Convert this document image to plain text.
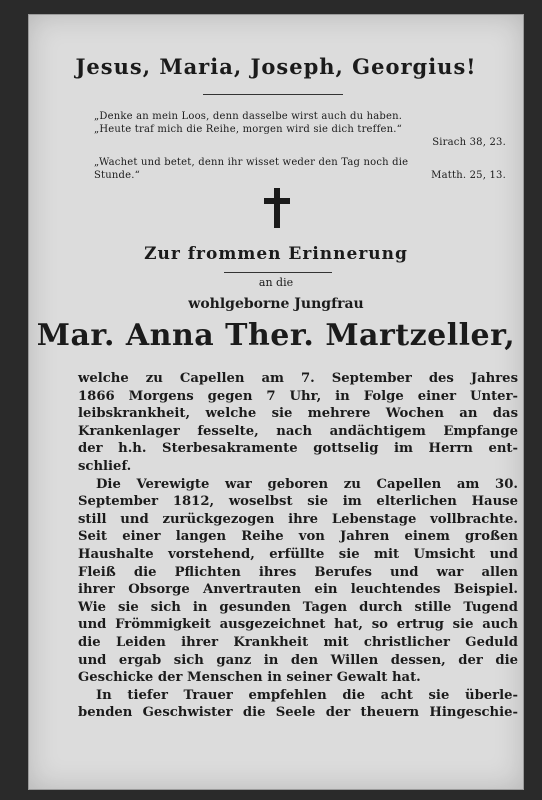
Jesus, Maria, Joseph, Georgius!
„Denke an mein Loos, denn dasselbe wirst auch du haben.
„Heute traf mich die Reihe, morgen wird sie dich treffen.“
Sirach 38, 23.
„Wachet und betet, denn ihr wisset weder den Tag noch die
Stunde.“	Matth. 25, 13.
Zur frommen Erinnerung
an die
wohlgeborne Jungfrau
Mar. Anna Ther. Martzeller,
welche zu Capellen am 7. September des Jahres
1866 Morgens gegen 7 Uhr, in Folge einer Unter-
leibskrankheit, welche sie mehrere Wochen an das
Krankenlager fesselte, nach andächtigem Empfange
der h.h. Sterbesakramente gottselig im Herrn ent-
schlief.
Die Verewigte war geboren zu Capellen am 30.
September 1812, woselbst sie im elterlichen Hause
still und zurückgezogen ihre Lebenstage vollbrachte.
Seit einer langen Reihe von Jahren einem großen
Haushalte vorstehend, erfüllte sie mit Umsicht und
Fleiß die Pflichten ihres Berufes und war allen
ihrer Obsorge Anvertrauten ein leuchtendes Beispiel.
Wie sie sich in gesunden Tagen durch stille Tugend
und Frömmigkeit ausgezeichnet hat, so ertrug sie auch
die Leiden ihrer Krankheit mit christlicher Geduld
und ergab sich ganz in den Willen dessen, der die
Geschicke der Menschen in seiner Gewalt hat.
In tiefer Trauer empfehlen die acht sie überle-
benden Geschwister die Seele der theuern Hingeschie-
